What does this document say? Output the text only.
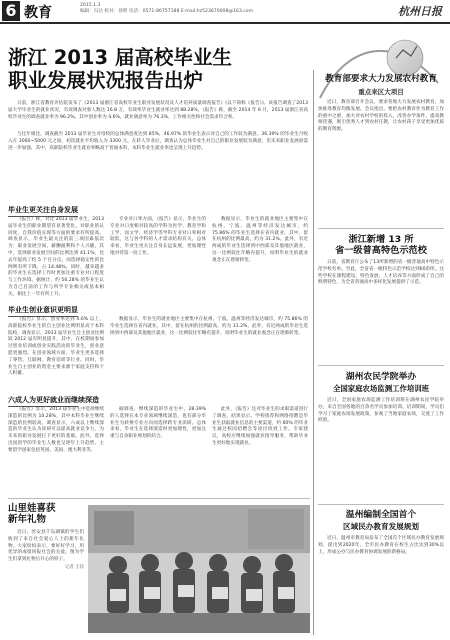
6 教育	2015.1.3
编辑：冯达 校对：徐明 电话：0571-86757188 E-mail:hz523670008@163.com	杭州日报
浙江 2013 届高校毕业生
职业发展状况报告出炉

日前，浙江省教育评估院发布了《2013 届浙江省高校毕业生职业发展状况及人才培养质量调查报告》(以下简称《报告》)。该报告调查了2013届大学毕业生的就业状况，有效调查对象人数达 16.8 万，有效率毕业生就业率达到 88.28%，《报告》称，截至 2014 年 6 月，2013 届浙江省高校毕业生的调查就业率为 96.2%，其中创业率为 4.6%，就业满意率为 76.3%，工作相关性和社会需求符合率。

与往年相比，调查截至 2013 届毕业生对母校的总体满意度达到 85%，46.97% 的毕业生表示对自己的工作较为满意，36.39% 的毕业生月收入在 3000~5000 元之间，初次就业平均收入为 3300 元。在转人毕业后，调查认为总体毕业生对自己的职业发展较为满意，但未来职业发展尚需进一步加强，其中，高职院校毕业生就业率略高于普通本科，本科毕业生就业率也呈现上升趋势。

毕业生更关注自身发展

《报告》称，对比 2013 届毕业生，2013 届毕业生的职业期望有显著变化，对职业的认同度、自我价值实现等方面的要求有所提高。调查显示，毕业生最关注的前三项因素依次为：职业发展空间、薪酬福利和个人兴趣。其中，选择职业发展空间的比例达到 41.1%，比去年提高了约 5 个百分点。而选择稳定性的比例则有所下降，占 14.48%。同时，越来越多的毕业生在选择工作时更加注重专业对口程度与工作环境。据统计，约 56.28% 的毕业生认为自己目前的工作与所学专业相关或基本相关，相比上一年有所上升。

专业对口率方面，《报告》显示，毕业生的专业对口度相对较高的学科为医学、教育学和工学，而文学、经济学等学科专业对口率相对较低，这与各学科的人才需求结构有关。总体来看，毕业生更关注自身长远发展，更加理性地对待第一份工作。

数据显示，毕业生的就业地区主要集中在杭州、宁波、温州等经济发达城市，约 75.86% 的毕业生选择在省内就业。其中，留在杭州的比例最高，约为 31.2%。此外，有近两成的毕业生选择到中西部及其他地区就业，这一比例较往年略有提升，说明毕业生的就业观念正在逐渐转变。

毕业生创业意识更明显

《报告》显示，创业率达到 4.6% 以上，高职院校毕业生的自主创业比例明显高于本科院校。调查显示，2013 届毕业生自主创业比例较 2012 届有明显提升，其中，在校期间参加过创业培训或创业实践活动的毕业生，创业意愿更强烈。在创业领域方面，毕业生更多选择了零售、互联网、教育培训等行业。同时，毕业生自主创业的资金主要来源于家庭支持和个人积蓄。

数据显示，毕业生的就业地区主要集中在杭州、宁波、温州等经济发达城市，约 75.86% 的毕业生选择在省内就业。其中，留在杭州的比例最高，约为 31.2%。此外，有近两成的毕业生选择到中西部及其他地区就业，这一比例较往年略有提升，说明毕业生的就业观念正在逐渐转变。

六成人为更好就业而继续深造

《报告》显示，2013 届毕业生中选择继续深造的比例为 10.28%，其中本科毕业生继续深造的比例较高。调查显示，六成以上继续深造的毕业生认为读研可以提高就业竞争力，为未来的职业发展打下更好的基础。此外，选择出国留学的毕业生人数也呈逐年上升趋势，主要留学国家包括英国、美国、澳大利亚等。

据调查，继续深造的毕业生中，28.39% 的人选择在本专业领域继续深造，也有部分毕业生为转换专业方向而选择跨专业读研。总体来看，毕业生在选择深造时更加理性，更加注重与自身职业规划的结合。

此外，《报告》还对毕业生的求职渠道进行了调查，结果显示，学校推荐和网络招聘是毕业生获取就业信息的主要渠道，约 60% 的毕业生通过校园招聘会等途径找到工作。专家建议，高校应继续加强就业指导服务，帮助毕业生更好地实现就业。

山里娃喜获
新年礼物

近日，淳安县千岛湖镇的学生们收到了来自社会爱心人士的新年礼物。大家纷纷表示，要好好学习，用优异的成绩回报社会的关爱。图为学生们拿到礼物后开心的样子。

记者 王钰
教育部要求大力发展农村教育
重点来区大项目

近日，教育部召开会议，要求各地大力发展农村教育，加快推进教育均衡发展。会议指出，要把农村教育作为教育工作的重中之重，加大对农村学校的投入，改善办学条件，提高教师待遇，吸引优秀人才到农村任教，让农村孩子享受更加优质的教育资源。

浙江新增 13 所
省一级普高特色示范校

日前，省教育厅公布了13所新增的省一级普通高中特色示范学校名单。至此，全省省一级特色示范学校达到60余所。这些学校在课程建设、特色发展、人才培养等方面形成了自己的鲜明特色，为全省普通高中多样化发展提供了示范。

湖州农民学院举办
全国家庭农场监测工作培训班

近日，全国家庭农场监测工作培训班在湖州农民学院举办，来自全国各地的百余名学员参加培训。培训期间，学员们学习了家庭农场发展政策，参观了当地家庭农场，交流了工作经验。

温州编制全国首个
区域民办教育发展规划

近日，温州市教育局发布了全国首个区域民办教育发展规划，提出到2020年，全市民办教育在校生占比达到30%以上，形成公办与民办教育协调发展的新格局。
